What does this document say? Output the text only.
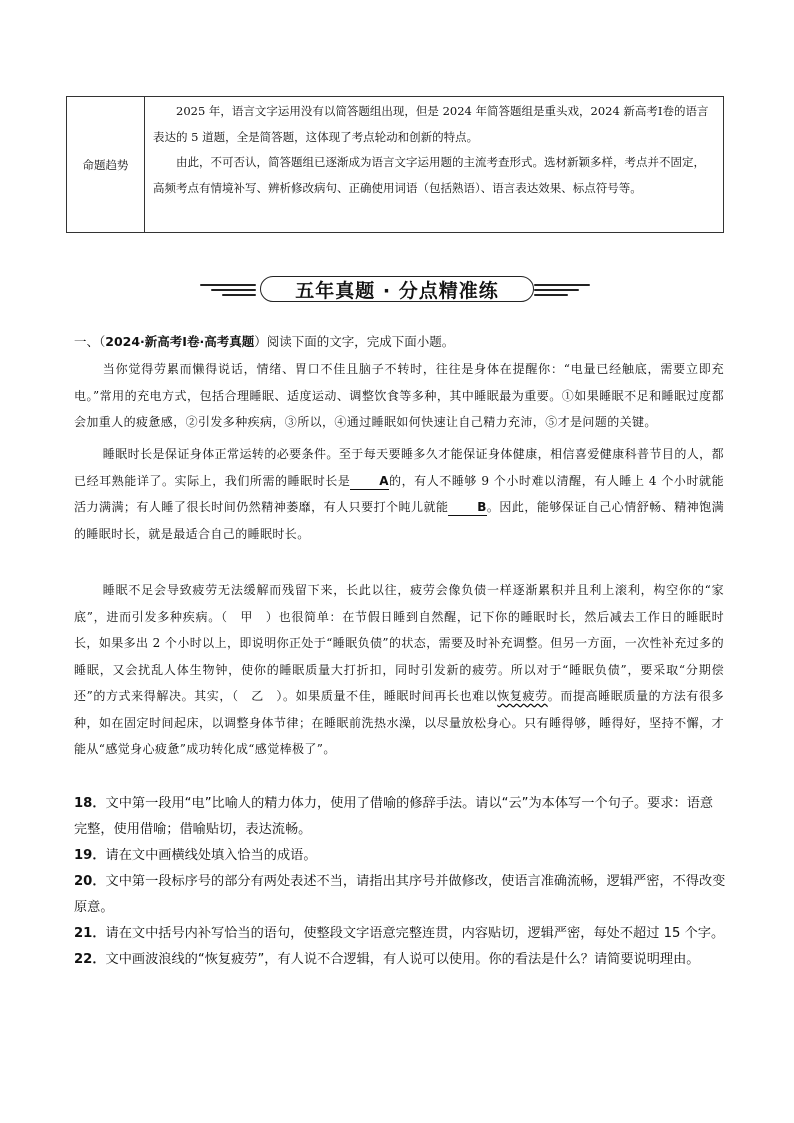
命题趋势

2025 年，语言文字运用没有以简答题组出现，但是 2024 年简答题组是重头戏，2024 新高考Ⅰ卷的语言表达的 5 道题，全是简答题，这体现了考点轮动和创新的特点。

由此，不可否认，简答题组已逐渐成为语言文字运用题的主流考查形式。选材新颖多样，考点并不固定，高频考点有情境补写、辨析修改病句、正确使用词语（包括熟语）、语言表达效果、标点符号等。

五年真题 · 分点精准练
一、（2024·新高考Ⅰ卷·高考真题）阅读下面的文字，完成下面小题。

当你觉得劳累而懒得说话，情绪、胃口不佳且脑子不转时，往往是身体在提醒你：“电量已经触底，需要立即充电。”常用的充电方式，包括合理睡眠、适度运动、调整饮食等多种，其中睡眠最为重要。①如果睡眠不足和睡眠过度都会加重人的疲惫感，②引发多种疾病，③所以，④通过睡眠如何快速让自己精力充沛，⑤才是问题的关键。

睡眠时长是保证身体正常运转的必要条件。至于每天要睡多久才能保证身体健康，相信喜爱健康科普节目的人，都已经耳熟能详了。实际上，我们所需的睡眠时长是 A的，有人不睡够 9 个小时难以清醒，有人睡上 4 个小时就能活力满满；有人睡了很长时间仍然精神萎靡，有人只要打个盹儿就能 B。因此，能够保证自己心情舒畅、精神饱满的睡眠时长，就是最适合自己的睡眠时长。

睡眠不足会导致疲劳无法缓解而残留下来，长此以往，疲劳会像负债一样逐渐累积并且利上滚利，构空你的“家底”，进而引发多种疾病。（　甲　）也很简单：在节假日睡到自然醒，记下你的睡眠时长，然后减去工作日的睡眠时长，如果多出 2 个小时以上，即说明你正处于“睡眠负债”的状态，需要及时补充调整。但另一方面，一次性补充过多的睡眠，又会扰乱人体生物钟，使你的睡眠质量大打折扣，同时引发新的疲劳。所以对于“睡眠负债”，要采取“分期偿还”的方式来得解决。其实，（　乙　）。如果质量不佳，睡眠时间再长也难以恢复疲劳。而提高睡眠质量的方法有很多种，如在固定时间起床，以调整身体节律；在睡眠前洗热水澡，以尽量放松身心。只有睡得够，睡得好，坚持不懈，才能从“感觉身心疲惫”成功转化成“感觉棒极了”。

18．文中第一段用“电”比喻人的精力体力，使用了借喻的修辞手法。请以“云”为本体写一个句子。要求：语意完整，使用借喻；借喻贴切，表达流畅。

19．请在文中画横线处填入恰当的成语。

20．文中第一段标序号的部分有两处表述不当，请指出其序号并做修改，使语言准确流畅，逻辑严密，不得改变原意。

21．请在文中括号内补写恰当的语句，使整段文字语意完整连贯，内容贴切，逻辑严密，每处不超过 15 个字。

22．文中画波浪线的“恢复疲劳”，有人说不合逻辑，有人说可以使用。你的看法是什么？请简要说明理由。
